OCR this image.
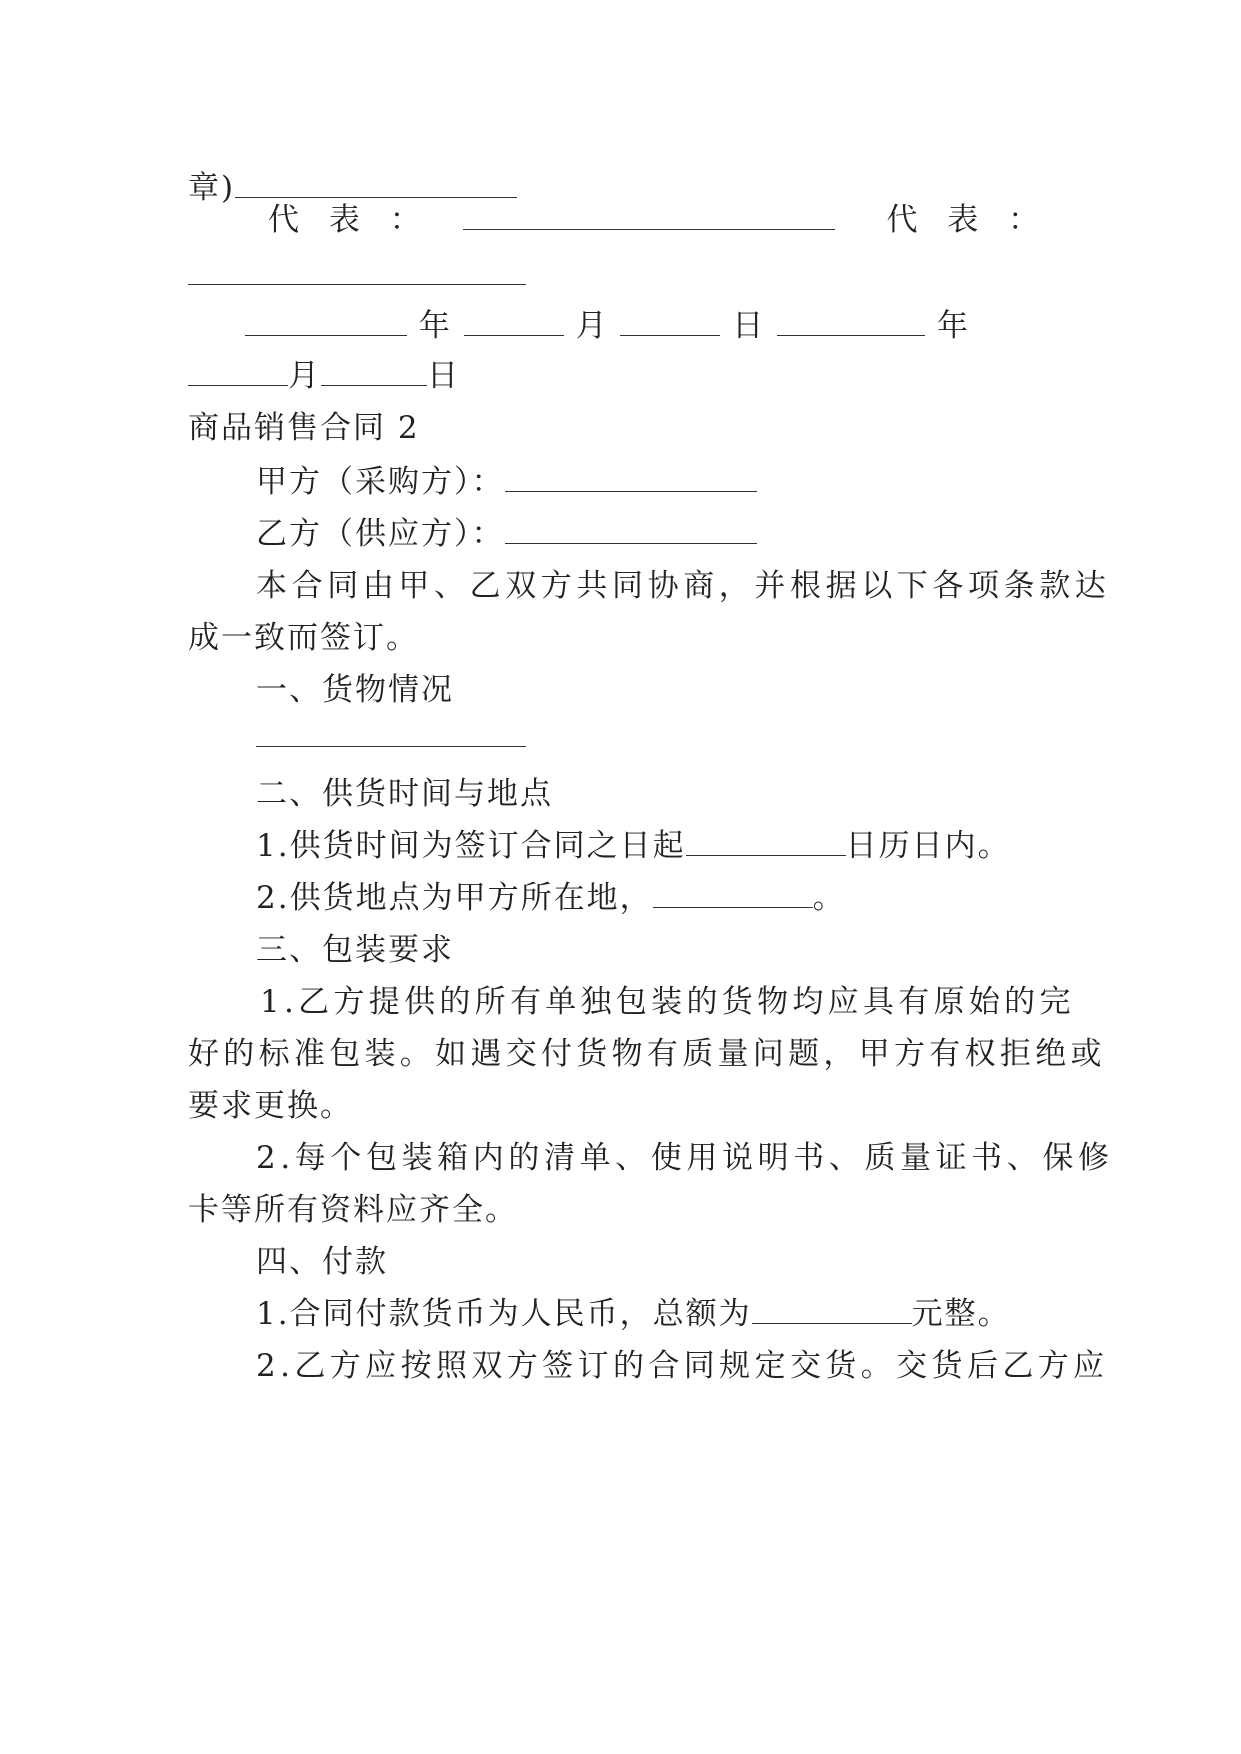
章)
代 表 ：	代 表 ：
年	月	日	年
月	日
商品销售合同 2
甲方（采购方）：
乙方（供应方）：
本合同由甲、乙双方共同协商，并根据以下各项条款达
成一致而签订。
一、货物情况
二、供货时间与地点
1.供货时间为签订合同之日起	日历日内。
2.供货地点为甲方所在地，	。
三、包装要求
1.乙方提供的所有单独包装的货物均应具有原始的完
好的标准包装。如遇交付货物有质量问题，甲方有权拒绝或
要求更换。
2.每个包装箱内的清单、使用说明书、质量证书、保修
卡等所有资料应齐全。
四、付款
1.合同付款货币为人民币，总额为	元整。
2.乙方应按照双方签订的合同规定交货。交货后乙方应
